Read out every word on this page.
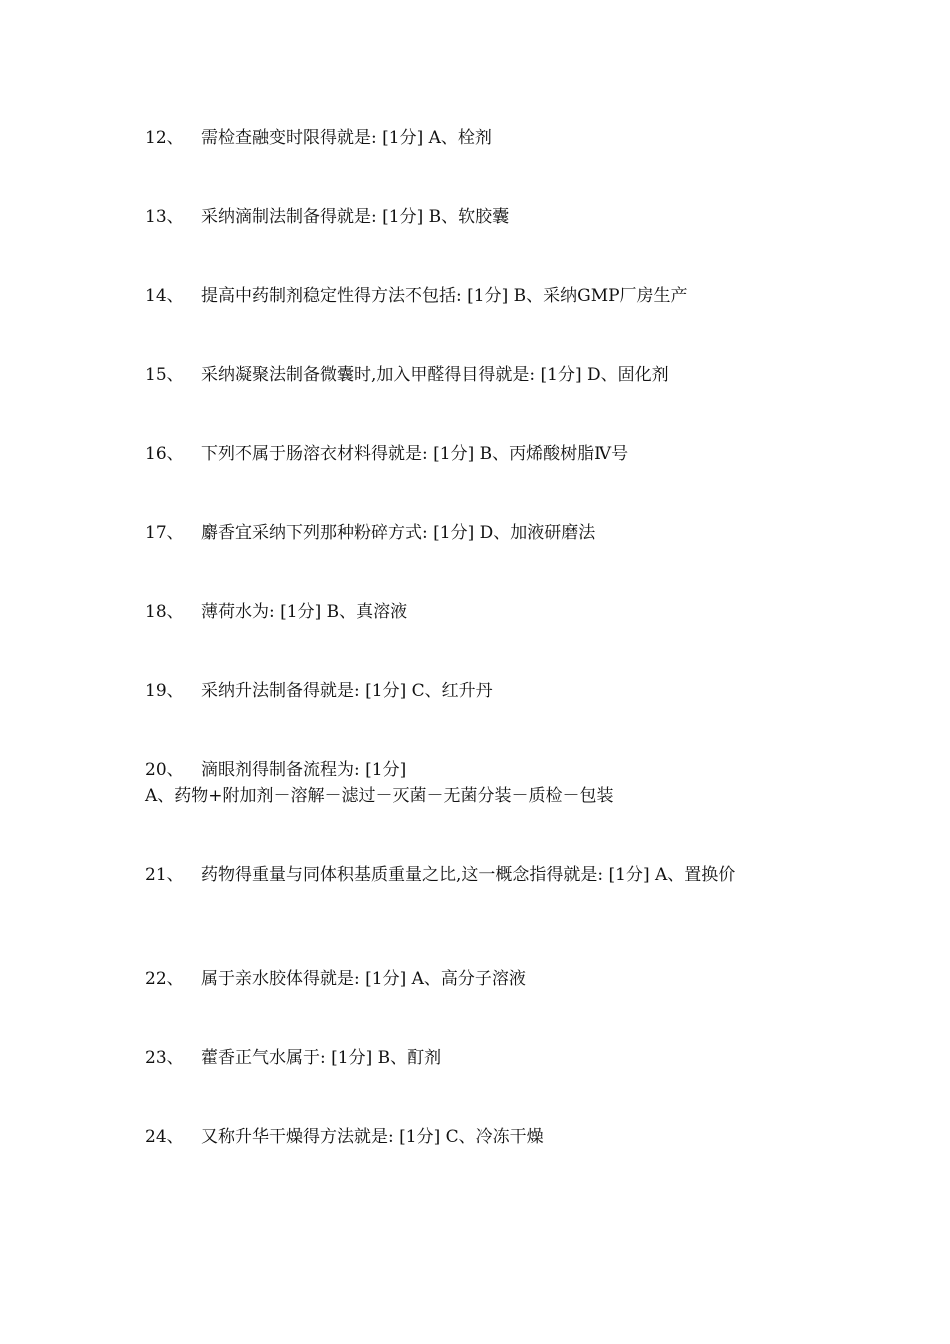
12、 需检查融变时限得就是: [1分] A、栓剂
13、 采纳滴制法制备得就是: [1分] B、软胶囊
14、 提高中药制剂稳定性得方法不包括: [1分] B、采纳GMP厂房生产
15、 采纳凝聚法制备微囊时,加入甲醛得目得就是: [1分] D、固化剂
16、 下列不属于肠溶衣材料得就是: [1分] B、丙烯酸树脂Ⅳ号
17、 麝香宜采纳下列那种粉碎方式: [1分] D、加液研磨法
18、 薄荷水为: [1分] B、真溶液
19、 采纳升法制备得就是: [1分] C、红升丹
20、 滴眼剂得制备流程为: [1分]
A、药物+附加剂－溶解－滤过－灭菌－无菌分装－质检－包装
21、 药物得重量与同体积基质重量之比,这一概念指得就是: [1分] A、置换价
22、 属于亲水胶体得就是: [1分] A、高分子溶液
23、 藿香正气水属于: [1分] B、酊剂
24、 又称升华干燥得方法就是: [1分] C、冷冻干燥
